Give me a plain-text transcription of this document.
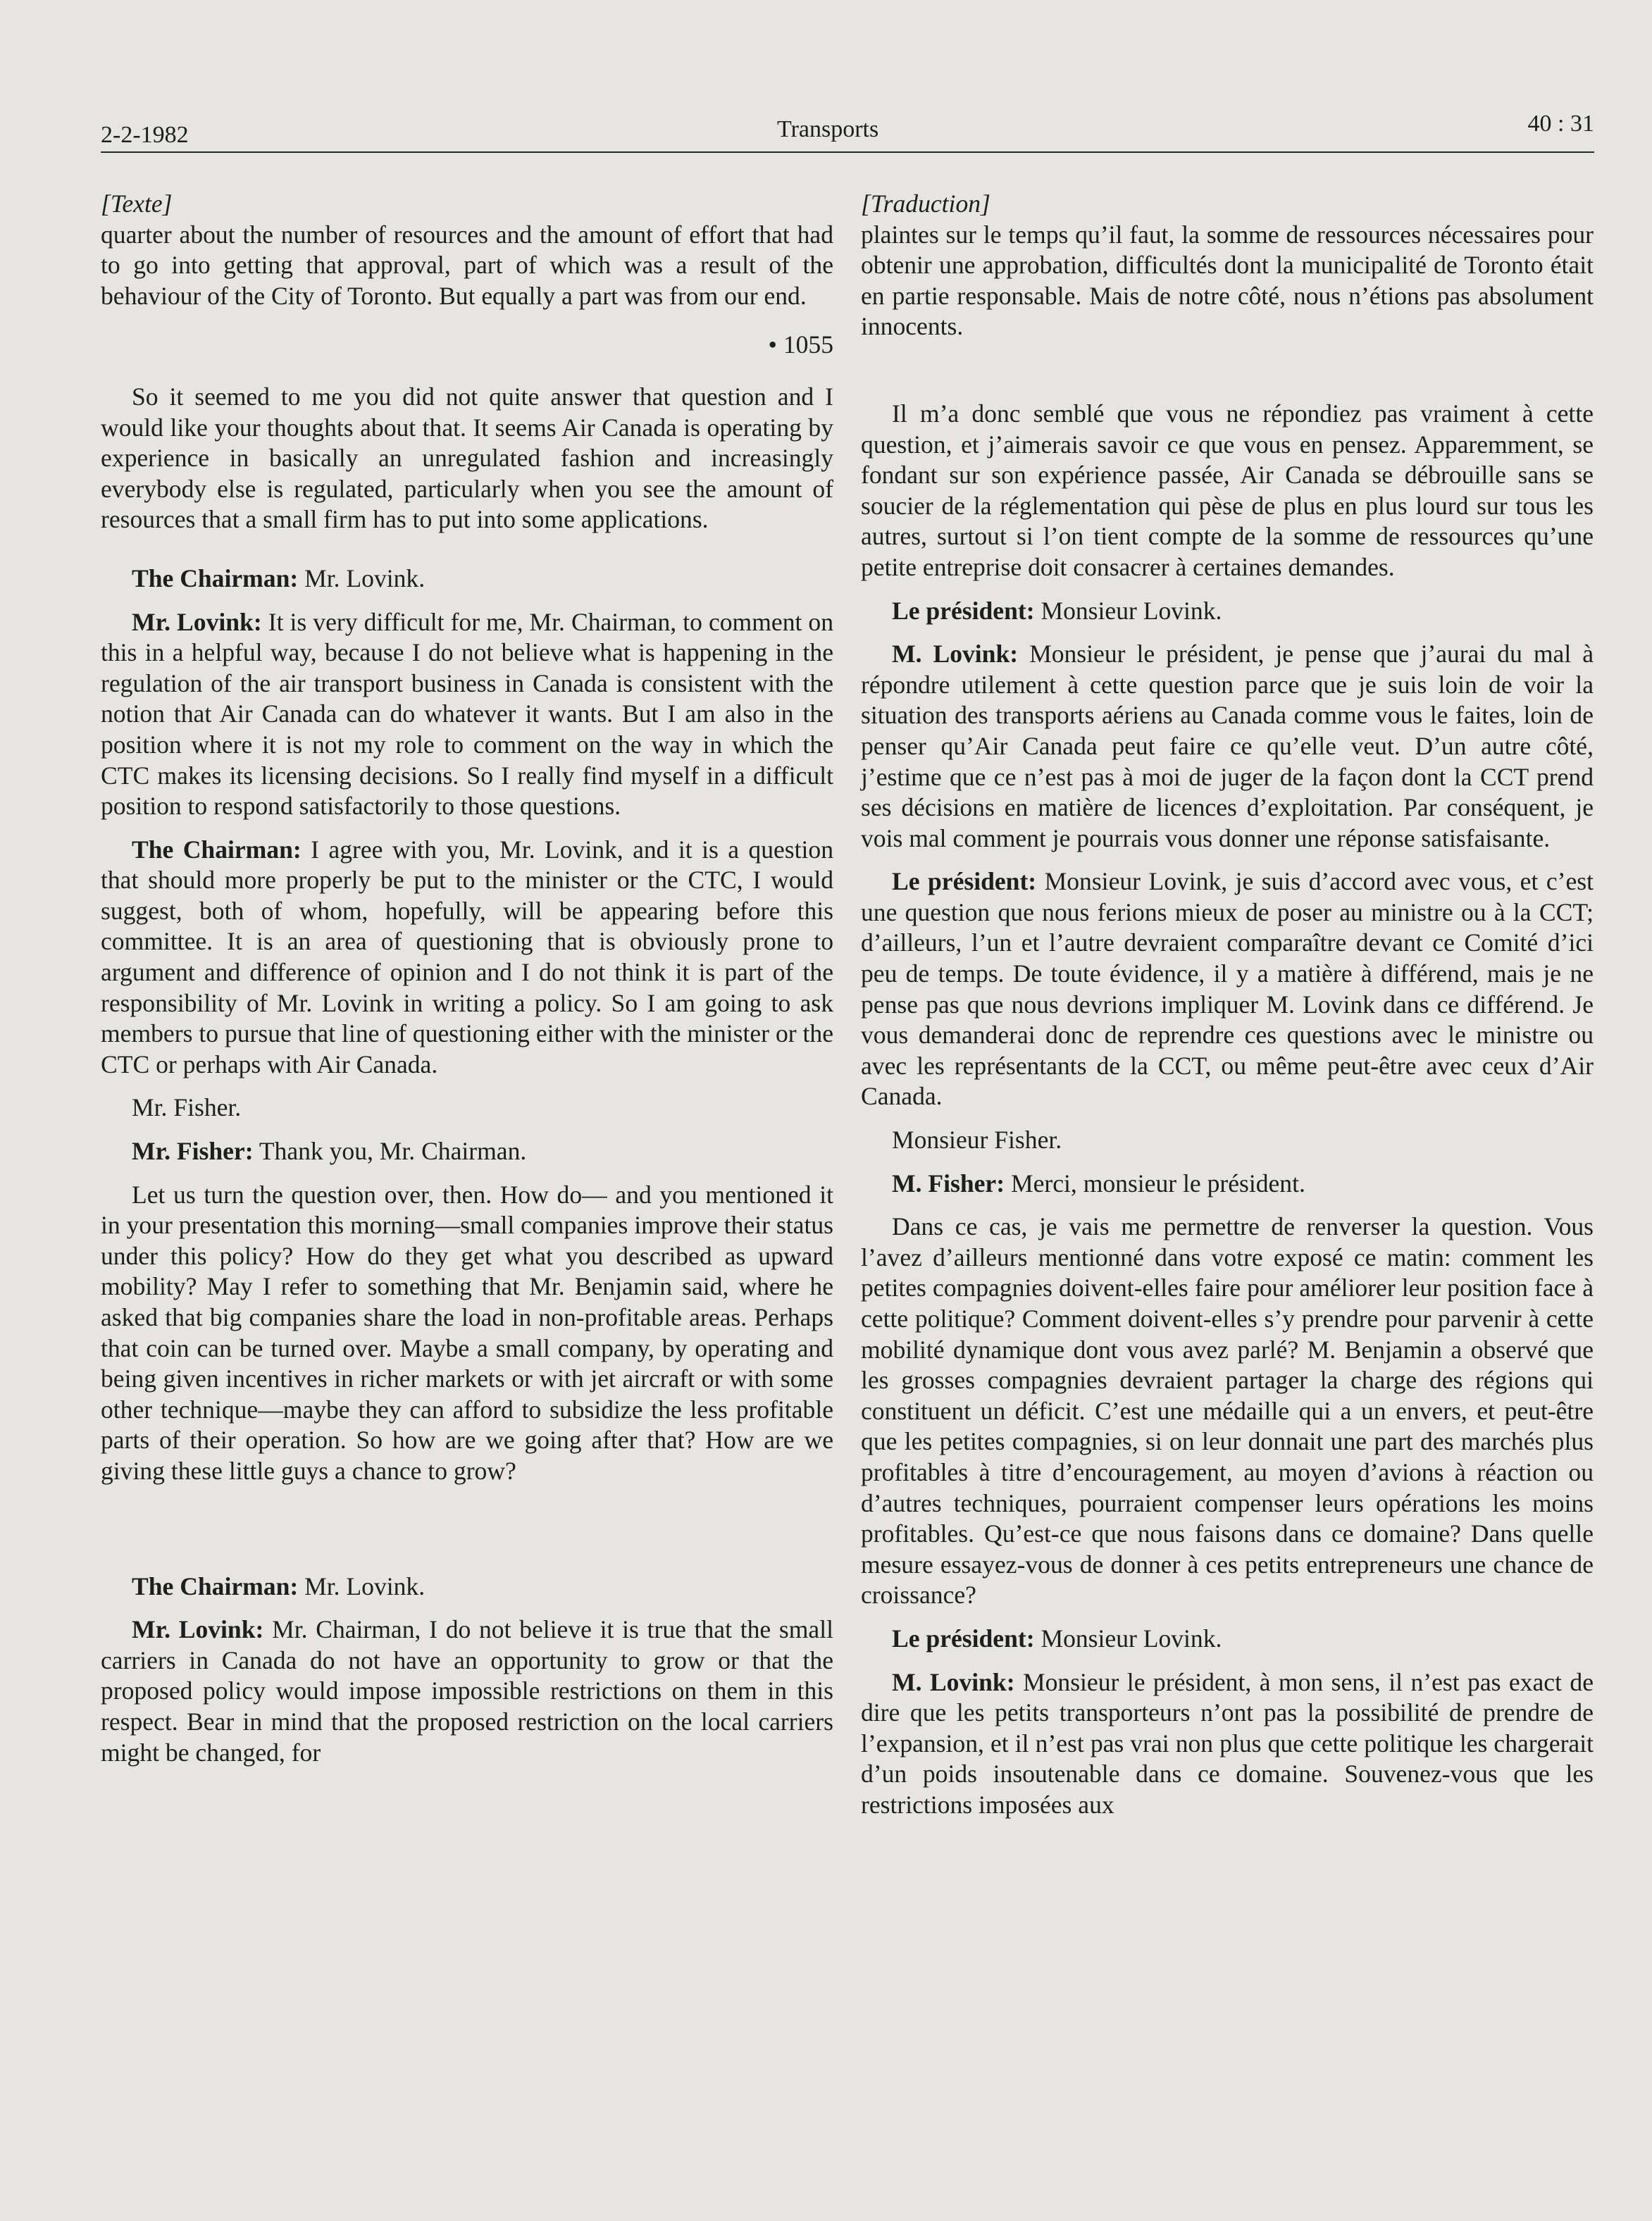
2-2-1982	Transports	40 : 31

[Texte]

quarter about the number of resources and the amount of effort that had to go into getting that approval, part of which was a result of the behaviour of the City of Toronto. But equally a part was from our end.

• 1055

So it seemed to me you did not quite answer that question and I would like your thoughts about that. It seems Air Canada is operating by experience in basically an unregulated fashion and increasingly everybody else is regulated, particularly when you see the amount of resources that a small firm has to put into some applications.

The Chairman: Mr. Lovink.

Mr. Lovink: It is very difficult for me, Mr. Chairman, to comment on this in a helpful way, because I do not believe what is happening in the regulation of the air transport business in Canada is consistent with the notion that Air Canada can do whatever it wants. But I am also in the position where it is not my role to comment on the way in which the CTC makes its licensing decisions. So I really find myself in a difficult position to respond satisfactorily to those questions.

The Chairman: I agree with you, Mr. Lovink, and it is a question that should more properly be put to the minister or the CTC, I would suggest, both of whom, hopefully, will be appearing before this committee. It is an area of questioning that is obviously prone to argument and difference of opinion and I do not think it is part of the responsibility of Mr. Lovink in writing a policy. So I am going to ask members to pursue that line of questioning either with the minister or the CTC or perhaps with Air Canada.

Mr. Fisher.

Mr. Fisher: Thank you, Mr. Chairman.

Let us turn the question over, then. How do— and you mentioned it in your presentation this morning—small companies improve their status under this policy? How do they get what you described as upward mobility? May I refer to something that Mr. Benjamin said, where he asked that big companies share the load in non-profitable areas. Perhaps that coin can be turned over. Maybe a small company, by operating and being given incentives in richer markets or with jet aircraft or with some other technique—maybe they can afford to subsidize the less profitable parts of their operation. So how are we going after that? How are we giving these little guys a chance to grow?

The Chairman: Mr. Lovink.

Mr. Lovink: Mr. Chairman, I do not believe it is true that the small carriers in Canada do not have an opportunity to grow or that the proposed policy would impose impossible restrictions on them in this respect. Bear in mind that the proposed restriction on the local carriers might be changed, for

[Traduction]

plaintes sur le temps qu’il faut, la somme de ressources nécessaires pour obtenir une approbation, difficultés dont la municipalité de Toronto était en partie responsable. Mais de notre côté, nous n’étions pas absolument innocents.

Il m’a donc semblé que vous ne répondiez pas vraiment à cette question, et j’aimerais savoir ce que vous en pensez. Apparemment, se fondant sur son expérience passée, Air Canada se débrouille sans se soucier de la réglementation qui pèse de plus en plus lourd sur tous les autres, surtout si l’on tient compte de la somme de ressources qu’une petite entreprise doit consacrer à certaines demandes.

Le président: Monsieur Lovink.

M. Lovink: Monsieur le président, je pense que j’aurai du mal à répondre utilement à cette question parce que je suis loin de voir la situation des transports aériens au Canada comme vous le faites, loin de penser qu’Air Canada peut faire ce qu’elle veut. D’un autre côté, j’estime que ce n’est pas à moi de juger de la façon dont la CCT prend ses décisions en matière de licences d’exploitation. Par conséquent, je vois mal comment je pourrais vous donner une réponse satisfaisante.

Le président: Monsieur Lovink, je suis d’accord avec vous, et c’est une question que nous ferions mieux de poser au ministre ou à la CCT; d’ailleurs, l’un et l’autre devraient comparaître devant ce Comité d’ici peu de temps. De toute évidence, il y a matière à différend, mais je ne pense pas que nous devrions impliquer M. Lovink dans ce différend. Je vous demanderai donc de reprendre ces questions avec le ministre ou avec les représentants de la CCT, ou même peut-être avec ceux d’Air Canada.

Monsieur Fisher.

M. Fisher: Merci, monsieur le président.

Dans ce cas, je vais me permettre de renverser la question. Vous l’avez d’ailleurs mentionné dans votre exposé ce matin: comment les petites compagnies doivent-elles faire pour améliorer leur position face à cette politique? Comment doivent-elles s’y prendre pour parvenir à cette mobilité dynamique dont vous avez parlé? M. Benjamin a observé que les grosses compagnies devraient partager la charge des régions qui constituent un déficit. C’est une médaille qui a un envers, et peut-être que les petites compagnies, si on leur donnait une part des marchés plus profitables à titre d’encouragement, au moyen d’avions à réaction ou d’autres techniques, pourraient compenser leurs opérations les moins profitables. Qu’est-ce que nous faisons dans ce domaine? Dans quelle mesure essayez-vous de donner à ces petits entrepreneurs une chance de croissance?

Le président: Monsieur Lovink.

M. Lovink: Monsieur le président, à mon sens, il n’est pas exact de dire que les petits transporteurs n’ont pas la possibilité de prendre de l’expansion, et il n’est pas vrai non plus que cette politique les chargerait d’un poids insoutenable dans ce domaine. Souvenez-vous que les restrictions imposées aux
